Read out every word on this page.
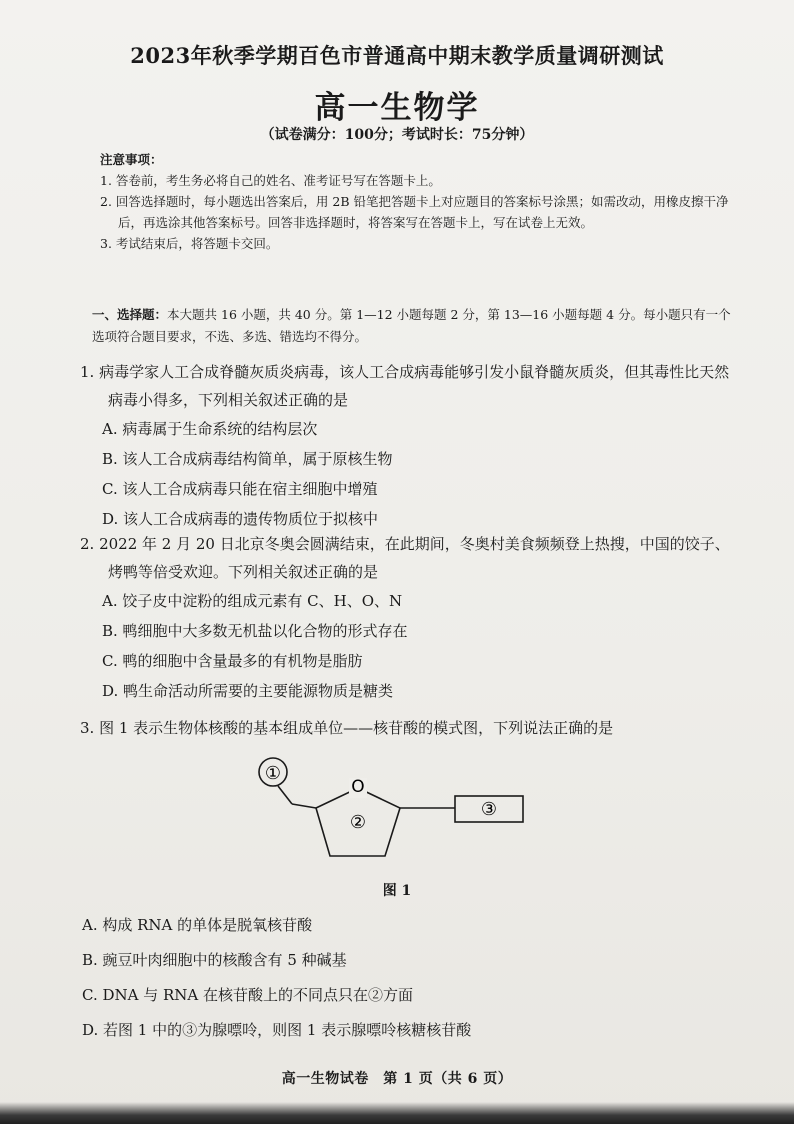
2023年秋季学期百色市普通高中期末教学质量调研测试
高一生物学
（试卷满分：100分；考试时长：75分钟）
注意事项：
1. 答卷前，考生务必将自己的姓名、准考证号写在答题卡上。
2. 回答选择题时，每小题选出答案后，用 2B 铅笔把答题卡上对应题目的答案标号涂黑；如需改动，用橡皮擦干净后，再选涂其他答案标号。回答非选择题时，将答案写在答题卡上，写在试卷上无效。
3. 考试结束后，将答题卡交回。
一、选择题：本大题共 16 小题，共 40 分。第 1—12 小题每题 2 分，第 13—16 小题每题 4 分。每小题只有一个选项符合题目要求，不选、多选、错选均不得分。
1. 病毒学家人工合成脊髓灰质炎病毒，该人工合成病毒能够引发小鼠脊髓灰质炎，但其毒性比天然病毒小得多，下列相关叙述正确的是
A. 病毒属于生命系统的结构层次
B. 该人工合成病毒结构简单，属于原核生物
C. 该人工合成病毒只能在宿主细胞中增殖
D. 该人工合成病毒的遗传物质位于拟核中
2. 2022 年 2 月 20 日北京冬奥会圆满结束，在此期间，冬奥村美食频频登上热搜，中国的饺子、烤鸭等倍受欢迎。下列相关叙述正确的是
A. 饺子皮中淀粉的组成元素有 C、H、O、N
B. 鸭细胞中大多数无机盐以化合物的形式存在
C. 鸭的细胞中含量最多的有机物是脂肪
D. 鸭生命活动所需要的主要能源物质是糖类
3. 图 1 表示生物体核酸的基本组成单位——核苷酸的模式图，下列说法正确的是
①
O
②
③
图 1
A. 构成 RNA 的单体是脱氧核苷酸
B. 豌豆叶肉细胞中的核酸含有 5 种碱基
C. DNA 与 RNA 在核苷酸上的不同点只在②方面
D. 若图 1 中的③为腺嘌呤，则图 1 表示腺嘌呤核糖核苷酸
高一生物试卷　第 1 页（共 6 页）
